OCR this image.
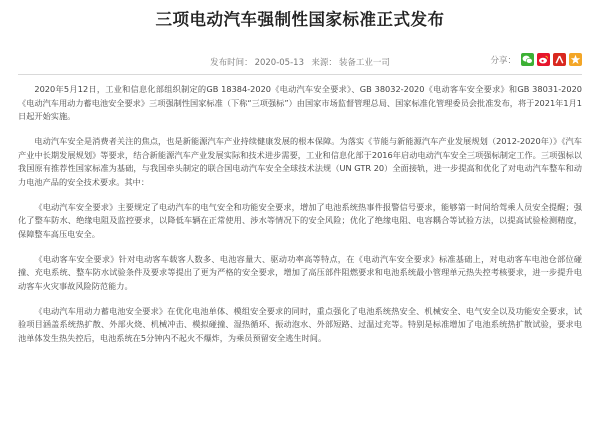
三项电动汽车强制性国家标准正式发布
发布时间： 2020-05-13 来源： 装备工业一司	分享：

2020年5月12日，工业和信息化部组织制定的GB 18384-2020《电动汽车安全要求》、GB 38032-2020《电动客车安全要求》和GB 38031-2020《电动汽车用动力蓄电池安全要求》三项强制性国家标准（下称“三项强标”）由国家市场监督管理总局、国家标准化管理委员会批准发布，将于2021年1月1日起开始实施。

电动汽车安全是消费者关注的焦点，也是新能源汽车产业持续健康发展的根本保障。为落实《节能与新能源汽车产业发展规划（2012-2020年）》《汽车产业中长期发展规划》等要求，结合新能源汽车产业发展实际和技术进步需要，工业和信息化部于2016年启动电动汽车安全三项强标制定工作。三项强标以我国原有推荐性国家标准为基础，与我国牵头制定的联合国电动汽车安全全球技术法规（UN GTR 20）全面接轨，进一步提高和优化了对电动汽车整车和动力电池产品的安全技术要求。其中：

《电动汽车安全要求》主要规定了电动汽车的电气安全和功能安全要求，增加了电池系统热事件报警信号要求，能够第一时间给驾乘人员安全提醒；强化了整车防水、绝缘电阻及监控要求，以降低车辆在正常使用、涉水等情况下的安全风险；优化了绝缘电阻、电容耦合等试验方法，以提高试验检测精度，保障整车高压电安全。

《电动客车安全要求》针对电动客车载客人数多、电池容量大、驱动功率高等特点，在《电动汽车安全要求》标准基础上，对电动客车电池仓部位碰撞、充电系统、整车防水试验条件及要求等提出了更为严格的安全要求，增加了高压部件阻燃要求和电池系统最小管理单元热失控考核要求，进一步提升电动客车火灾事故风险防范能力。

《电动汽车用动力蓄电池安全要求》在优化电池单体、模组安全要求的同时，重点强化了电池系统热安全、机械安全、电气安全以及功能安全要求，试验项目涵盖系统热扩散、外部火烧、机械冲击、模拟碰撞、湿热循环、振动泡水、外部短路、过温过充等。特别是标准增加了电池系统热扩散试验，要求电池单体发生热失控后，电池系统在5分钟内不起火不爆炸，为乘员预留安全逃生时间。
